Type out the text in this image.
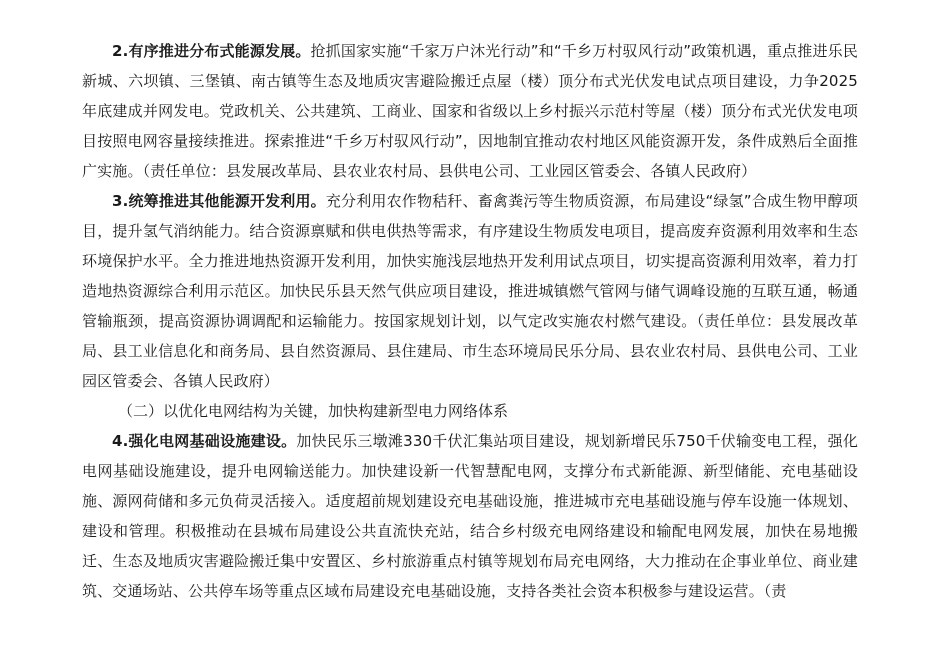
2.有序推进分布式能源发展。抢抓国家实施“千家万户沐光行动”和“千乡万村驭风行动”政策机遇，重点推进乐民新城、六坝镇、三堡镇、南古镇等生态及地质灾害避险搬迁点屋（楼）顶分布式光伏发电试点项目建设，力争2025年底建成并网发电。党政机关、公共建筑、工商业、国家和省级以上乡村振兴示范村等屋（楼）顶分布式光伏发电项目按照电网容量接续推进。探索推进“千乡万村驭风行动”，因地制宜推动农村地区风能资源开发，条件成熟后全面推广实施。（责任单位：县发展改革局、县农业农村局、县供电公司、工业园区管委会、各镇人民政府）

3.统筹推进其他能源开发利用。充分利用农作物秸秆、畜禽粪污等生物质资源，布局建设“绿氢”合成生物甲醇项目，提升氢气消纳能力。结合资源禀赋和供电供热等需求，有序建设生物质发电项目，提高废弃资源利用效率和生态环境保护水平。全力推进地热资源开发利用，加快实施浅层地热开发利用试点项目，切实提高资源利用效率，着力打造地热资源综合利用示范区。加快民乐县天然气供应项目建设，推进城镇燃气管网与储气调峰设施的互联互通，畅通管输瓶颈，提高资源协调调配和运输能力。按国家规划计划，以气定改实施农村燃气建设。（责任单位：县发展改革局、县工业信息化和商务局、县自然资源局、县住建局、市生态环境局民乐分局、县农业农村局、县供电公司、工业园区管委会、各镇人民政府）

（二）以优化电网结构为关键，加快构建新型电力网络体系

4.强化电网基础设施建设。加快民乐三墩滩330千伏汇集站项目建设，规划新增民乐750千伏输变电工程，强化电网基础设施建设，提升电网输送能力。加快建设新一代智慧配电网，支撑分布式新能源、新型储能、充电基础设施、源网荷储和多元负荷灵活接入。适度超前规划建设充电基础设施，推进城市充电基础设施与停车设施一体规划、建设和管理。积极推动在县城布局建设公共直流快充站，结合乡村级充电网络建设和输配电网发展，加快在易地搬迁、生态及地质灾害避险搬迁集中安置区、乡村旅游重点村镇等规划布局充电网络，大力推动在企事业单位、商业建筑、交通场站、公共停车场等重点区域布局建设充电基础设施，支持各类社会资本积极参与建设运营。（责
